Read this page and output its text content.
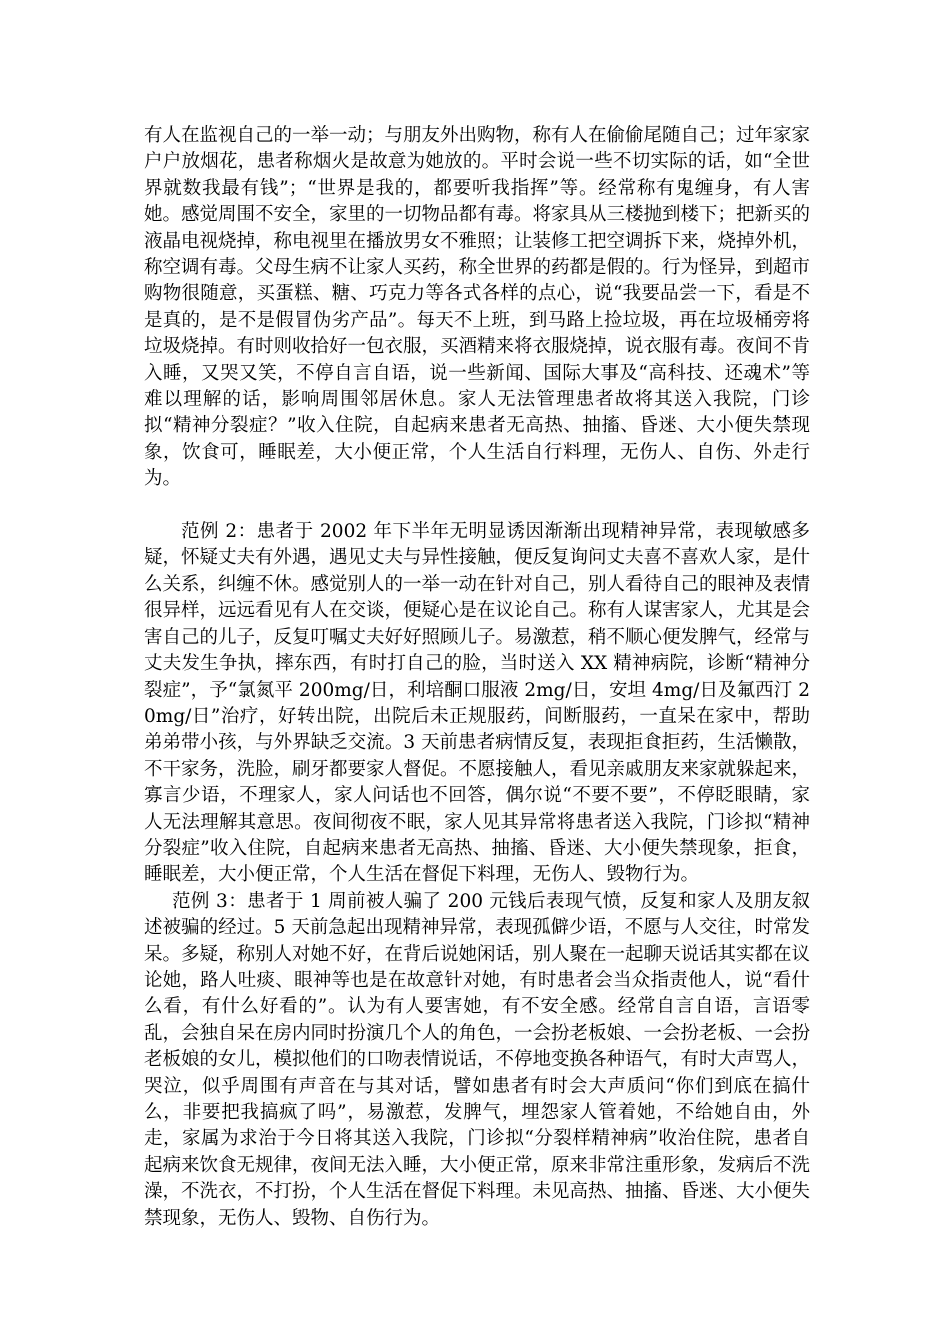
有人在监视自己的一举一动；与朋友外出购物，称有人在偷偷尾随自己；过年家家户户放烟花，患者称烟火是故意为她放的。平时会说一些不切实际的话，如“全世界就数我最有钱”；“世界是我的，都要听我指挥”等。经常称有鬼缠身，有人害她。感觉周围不安全，家里的一切物品都有毒。将家具从三楼抛到楼下；把新买的液晶电视烧掉，称电视里在播放男女不雅照；让装修工把空调拆下来，烧掉外机，称空调有毒。父母生病不让家人买药，称全世界的药都是假的。行为怪异，到超市购物很随意，买蛋糕、糖、巧克力等各式各样的点心，说“我要品尝一下，看是不是真的，是不是假冒伪劣产品”。每天不上班，到马路上捡垃圾，再在垃圾桶旁将垃圾烧掉。有时则收拾好一包衣服，买酒精来将衣服烧掉，说衣服有毒。夜间不肯入睡，又哭又笑，不停自言自语，说一些新闻、国际大事及“高科技、还魂术”等难以理解的话，影响周围邻居休息。家人无法管理患者故将其送入我院，门诊拟“精神分裂症？”收入住院，自起病来患者无高热、抽搐、昏迷、大小便失禁现象，饮食可，睡眠差，大小便正常，个人生活自行料理，无伤人、自伤、外走行为。

范例 2：患者于 2002 年下半年无明显诱因渐渐出现精神异常，表现敏感多疑，怀疑丈夫有外遇，遇见丈夫与异性接触，便反复询问丈夫喜不喜欢人家，是什么关系，纠缠不休。感觉别人的一举一动在针对自己，别人看待自己的眼神及表情很异样，远远看见有人在交谈，便疑心是在议论自己。称有人谋害家人，尤其是会害自己的儿子，反复叮嘱丈夫好好照顾儿子。易激惹，稍不顺心便发脾气，经常与丈夫发生争执，摔东西，有时打自己的脸，当时送入 XX 精神病院，诊断“精神分裂症”，予“氯氮平 200mg/日，利培酮口服液 2mg/日，安坦 4mg/日及氟西汀 20mg/日”治疗，好转出院，出院后未正规服药，间断服药，一直呆在家中，帮助弟弟带小孩，与外界缺乏交流。3 天前患者病情反复，表现拒食拒药，生活懒散，不干家务，洗脸，刷牙都要家人督促。不愿接触人，看见亲戚朋友来家就躲起来，寡言少语，不理家人，家人问话也不回答，偶尔说“不要不要”，不停眨眼睛，家人无法理解其意思。夜间彻夜不眠，家人见其异常将患者送入我院，门诊拟“精神分裂症”收入住院，自起病来患者无高热、抽搐、昏迷、大小便失禁现象，拒食，睡眠差，大小便正常，个人生活在督促下料理，无伤人、毁物行为。

范例 3：患者于 1 周前被人骗了 200 元钱后表现气愤，反复和家人及朋友叙述被骗的经过。5 天前急起出现精神异常，表现孤僻少语，不愿与人交往，时常发呆。多疑，称别人对她不好，在背后说她闲话，别人聚在一起聊天说话其实都在议论她，路人吐痰、眼神等也是在故意针对她，有时患者会当众指责他人，说“看什么看，有什么好看的”。认为有人要害她，有不安全感。经常自言自语，言语零乱，会独自呆在房内同时扮演几个人的角色，一会扮老板娘、一会扮老板、一会扮老板娘的女儿，模拟他们的口吻表情说话，不停地变换各种语气，有时大声骂人，哭泣，似乎周围有声音在与其对话，譬如患者有时会大声质问“你们到底在搞什么，非要把我搞疯了吗”，易激惹，发脾气，埋怨家人管着她，不给她自由，外走，家属为求治于今日将其送入我院，门诊拟“分裂样精神病”收治住院，患者自起病来饮食无规律，夜间无法入睡，大小便正常，原来非常注重形象，发病后不洗澡，不洗衣，不打扮，个人生活在督促下料理。未见高热、抽搐、昏迷、大小便失禁现象，无伤人、毁物、自伤行为。
